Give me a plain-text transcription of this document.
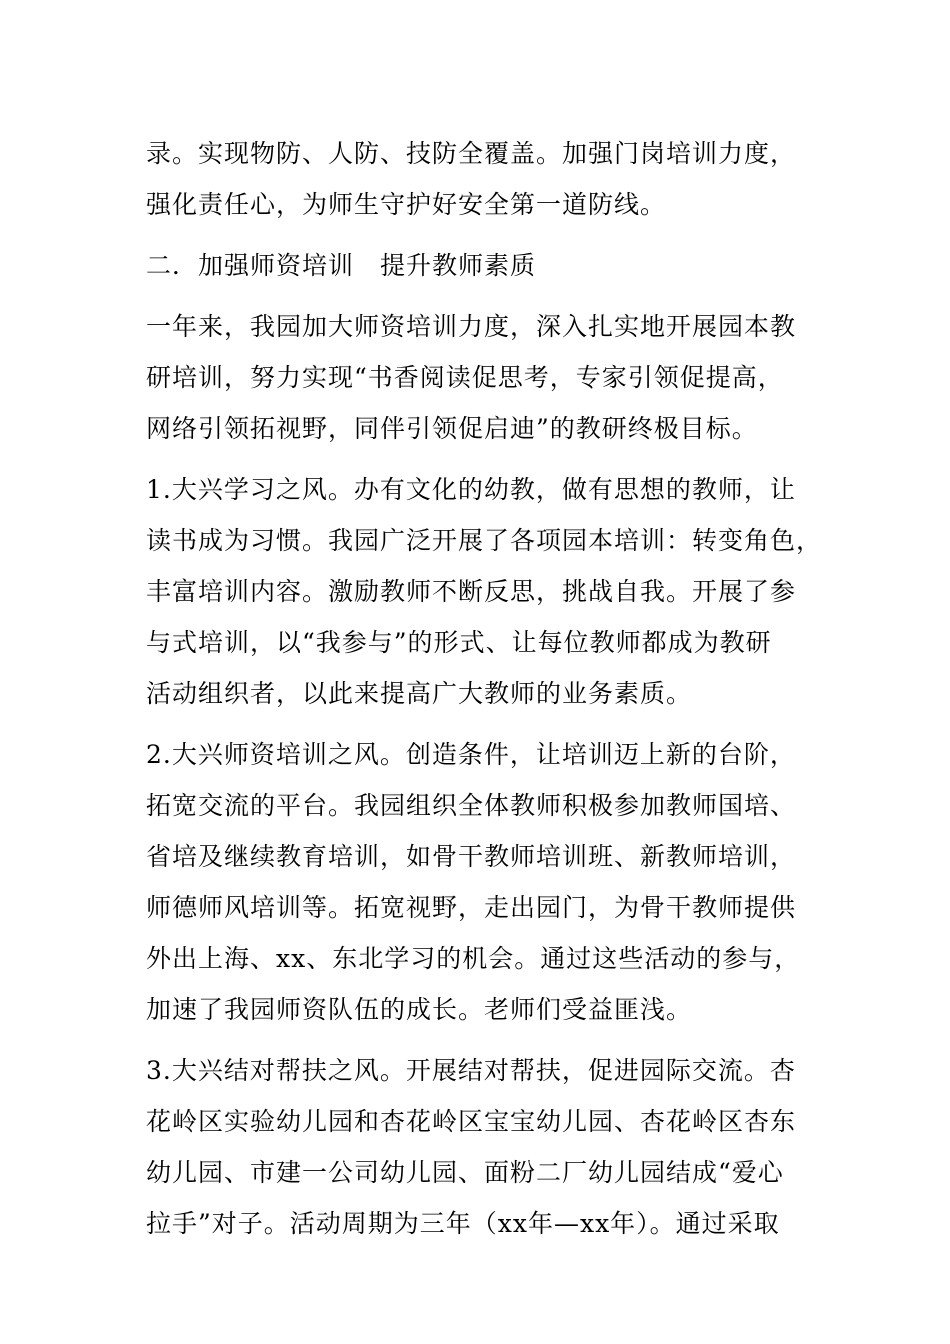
录。实现物防、人防、技防全覆盖。加强门岗培训力度，
强化责任心，为师生守护好安全第一道防线。
二．加强师资培训　提升教师素质
一年来，我园加大师资培训力度，深入扎实地开展园本教
研培训，努力实现“书香阅读促思考，专家引领促提高，
网络引领拓视野，同伴引领促启迪”的教研终极目标。
1.大兴学习之风。办有文化的幼教，做有思想的教师，让
读书成为习惯。我园广泛开展了各项园本培训：转变角色，
丰富培训内容。激励教师不断反思，挑战自我。开展了参
与式培训，以“我参与”的形式、让每位教师都成为教研
活动组织者，以此来提高广大教师的业务素质。
2.大兴师资培训之风。创造条件，让培训迈上新的台阶，
拓宽交流的平台。我园组织全体教师积极参加教师国培、
省培及继续教育培训，如骨干教师培训班、新教师培训，
师德师风培训等。拓宽视野，走出园门，为骨干教师提供
外出上海、xx、东北学习的机会。通过这些活动的参与，
加速了我园师资队伍的成长。老师们受益匪浅。
3.大兴结对帮扶之风。开展结对帮扶，促进园际交流。杏
花岭区实验幼儿园和杏花岭区宝宝幼儿园、杏花岭区杏东
幼儿园、市建一公司幼儿园、面粉二厂幼儿园结成“爱心
拉手”对子。活动周期为三年（xx年—xx年）。通过采取
